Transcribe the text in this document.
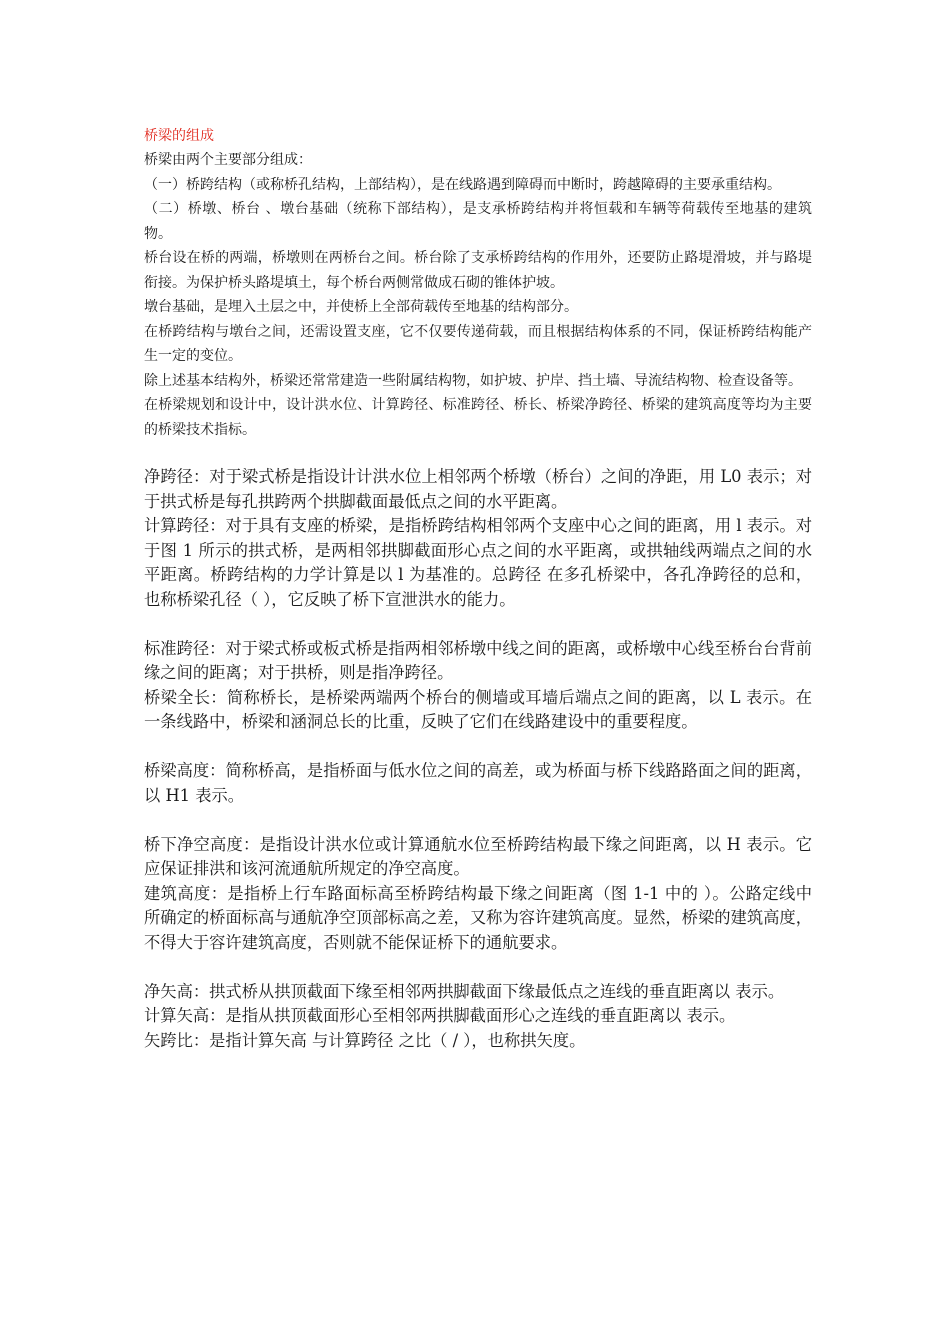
桥梁的组成

桥梁由两个主要部分组成：

（一）桥跨结构（或称桥孔结构，上部结构），是在线路遇到障碍而中断时，跨越障碍的主要承重结构。

（二）桥墩、桥台 、墩台基础（统称下部结构），是支承桥跨结构并将恒载和车辆等荷载传至地基的建筑物。

桥台设在桥的两端，桥墩则在两桥台之间。桥台除了支承桥跨结构的作用外，还要防止路堤滑坡，并与路堤衔接。为保护桥头路堤填土，每个桥台两侧常做成石砌的锥体护坡。

墩台基础，是埋入土层之中，并使桥上全部荷载传至地基的结构部分。

在桥跨结构与墩台之间，还需设置支座，它不仅要传递荷载，而且根据结构体系的不同，保证桥跨结构能产生一定的变位。

除上述基本结构外，桥梁还常常建造一些附属结构物，如护坡、护岸、挡土墙、导流结构物、检查设备等。

在桥梁规划和设计中，设计洪水位、计算跨径、标准跨径、桥长、桥梁净跨径、桥梁的建筑高度等均为主要的桥梁技术指标。

净跨径：对于梁式桥是指设计计洪水位上相邻两个桥墩（桥台）之间的净距，用 L0 表示；对于拱式桥是每孔拱跨两个拱脚截面最低点之间的水平距离。

计算跨径：对于具有支座的桥梁，是指桥跨结构相邻两个支座中心之间的距离，用 l 表示。对于图 1 所示的拱式桥，是两相邻拱脚截面形心点之间的水平距离，或拱轴线两端点之间的水平距离。桥跨结构的力学计算是以 l 为基准的。总跨径 在多孔桥梁中，各孔净跨径的总和，也称桥梁孔径（ ），它反映了桥下宣泄洪水的能力。

标准跨径：对于梁式桥或板式桥是指两相邻桥墩中线之间的距离，或桥墩中心线至桥台台背前缘之间的距离；对于拱桥，则是指净跨径。

桥梁全长：简称桥长，是桥梁两端两个桥台的侧墙或耳墙后端点之间的距离，以 L 表示。在一条线路中，桥梁和涵洞总长的比重，反映了它们在线路建设中的重要程度。

桥梁高度：简称桥高，是指桥面与低水位之间的高差，或为桥面与桥下线路路面之间的距离，以 H1 表示。

桥下净空高度：是指设计洪水位或计算通航水位至桥跨结构最下缘之间距离，以 H 表示。它应保证排洪和该河流通航所规定的净空高度。

建筑高度：是指桥上行车路面标高至桥跨结构最下缘之间距离（图 1-1 中的 ）。公路定线中所确定的桥面标高与通航净空顶部标高之差，又称为容许建筑高度。显然，桥梁的建筑高度，不得大于容许建筑高度，否则就不能保证桥下的通航要求。

净矢高：拱式桥从拱顶截面下缘至相邻两拱脚截面下缘最低点之连线的垂直距离以 表示。

计算矢高：是指从拱顶截面形心至相邻两拱脚截面形心之连线的垂直距离以 表示。

矢跨比：是指计算矢高 与计算跨径 之比（ / ），也称拱矢度。
